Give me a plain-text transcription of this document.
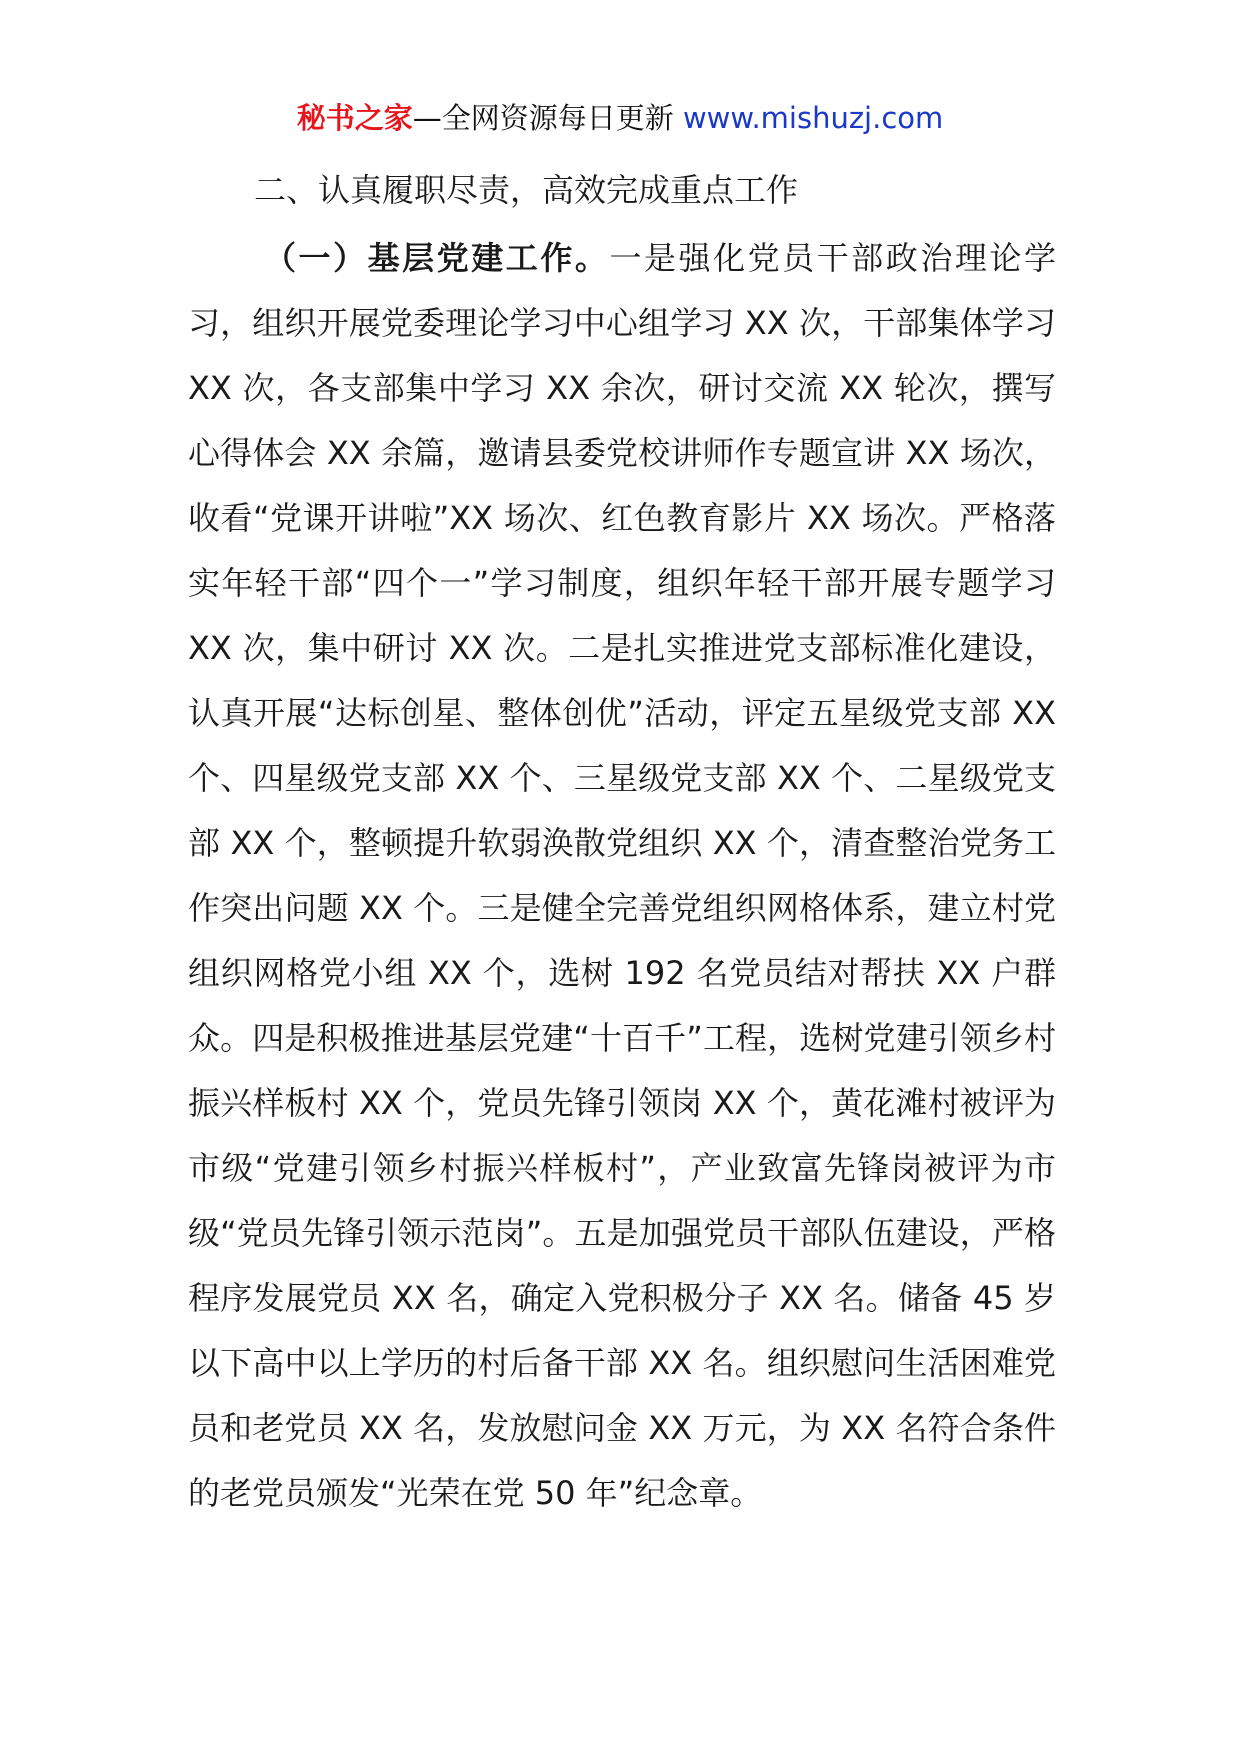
秘书之家—全网资源每日更新 www.mishuzj.com
二、认真履职尽责，高效完成重点工作

（一）基层党建工作。一是强化党员干部政治理论学习，组织开展党委理论学习中心组学习 XX 次，干部集体学习 XX 次，各支部集中学习 XX 余次，研讨交流 XX 轮次，撰写心得体会 XX 余篇，邀请县委党校讲师作专题宣讲 XX 场次，收看“党课开讲啦”XX 场次、红色教育影片 XX 场次。严格落实年轻干部“四个一”学习制度，组织年轻干部开展专题学习 XX 次，集中研讨 XX 次。二是扎实推进党支部标准化建设，认真开展“达标创星、整体创优”活动，评定五星级党支部 XX 个、四星级党支部 XX 个、三星级党支部 XX 个、二星级党支部 XX 个，整顿提升软弱涣散党组织 XX 个，清查整治党务工作突出问题 XX 个。三是健全完善党组织网格体系，建立村党组织网格党小组 XX 个，选树 192 名党员结对帮扶 XX 户群众。四是积极推进基层党建“十百千”工程，选树党建引领乡村振兴样板村 XX 个，党员先锋引领岗 XX 个，黄花滩村被评为市级“党建引领乡村振兴样板村”，产业致富先锋岗被评为市级“党员先锋引领示范岗”。五是加强党员干部队伍建设，严格程序发展党员 XX 名，确定入党积极分子 XX 名。储备 45 岁以下高中以上学历的村后备干部 XX 名。组织慰问生活困难党员和老党员 XX 名，发放慰问金 XX 万元，为 XX 名符合条件的老党员颁发“光荣在党 50 年”纪念章。
